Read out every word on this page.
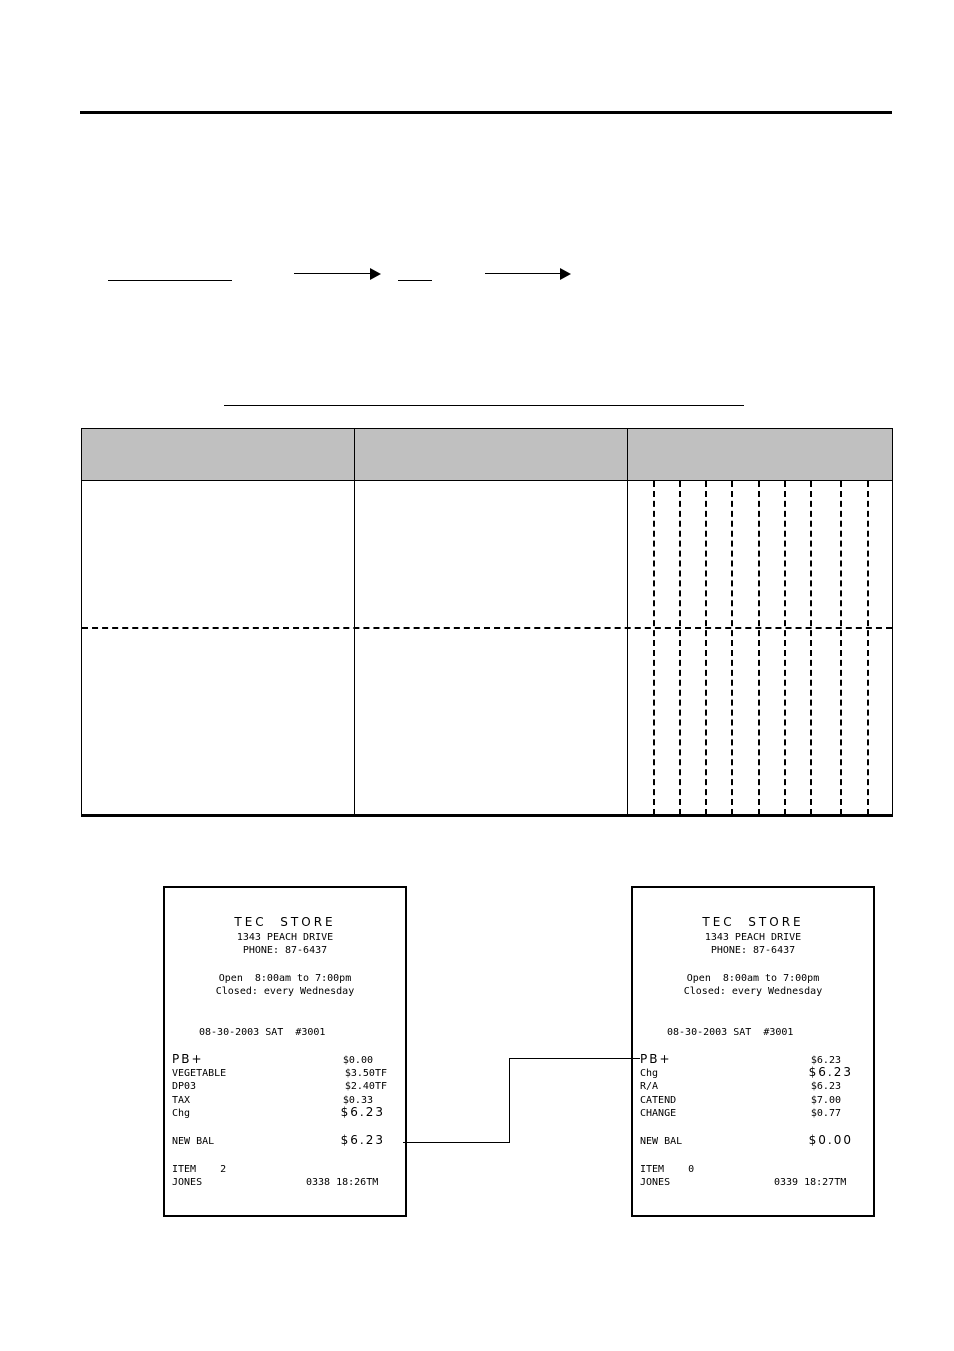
TEC  STORE
1343 PEACH DRIVE
PHONE: 87-6437
Open  8:00am to 7:00pm
Closed: every Wednesday
08-30-2003 SAT  #3001
PB+	$0.00
VEGETABLE	$3.50TF
DP03	$2.40TF
TAX	$0.33
Chg	$6.23
NEW BAL	$6.23
ITEM    2
JONES	0338 18:26TM
TEC  STORE
1343 PEACH DRIVE
PHONE: 87-6437
Open  8:00am to 7:00pm
Closed: every Wednesday
08-30-2003 SAT  #3001
PB+	$6.23
Chg	$6.23
R/A	$6.23
CATEND	$7.00
CHANGE	$0.77
NEW BAL	$0.00
ITEM    0
JONES	0339 18:27TM
